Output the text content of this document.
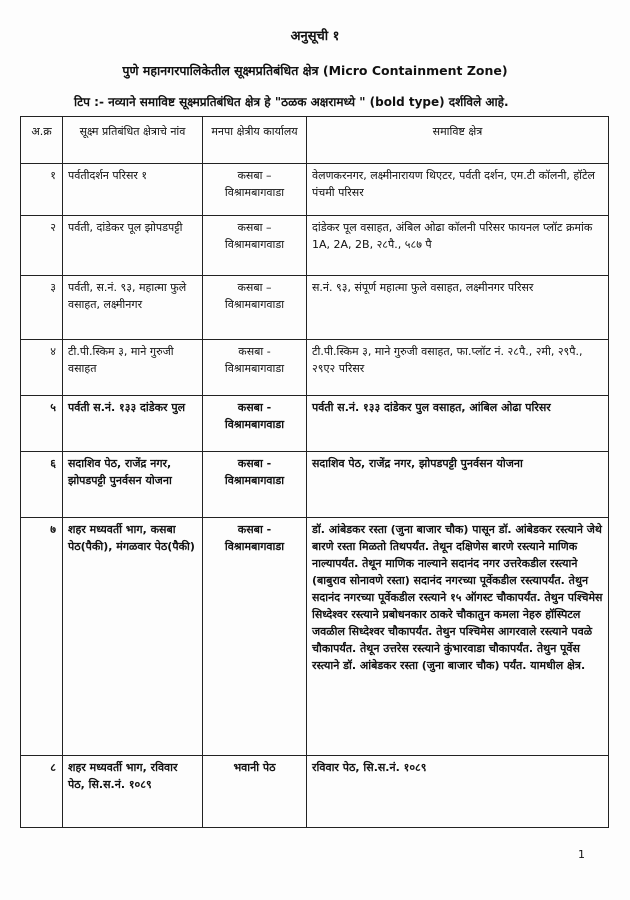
अनुसूची १
पुणे महानगरपालिकेतील सूक्ष्मप्रतिबंधित क्षेत्र (Micro Containment Zone)
टिप :- नव्याने समाविष्ट सूक्ष्मप्रतिबंधित क्षेत्र हे "ठळक अक्षरामध्ये " (bold type) दर्शविले आहे.
अ.क्र	सूक्ष्म प्रतिबंधित क्षेत्राचे नांव	मनपा क्षेत्रीय कार्यालय	समाविष्ट क्षेत्र
१	पर्वतीदर्शन परिसर १	कसबा – विश्रामबागवाडा	वेलणकरनगर, लक्ष्मीनारायण थिएटर, पर्वती दर्शन, एम.टी कॉलनी, हॉटेल पंचमी परिसर
२	पर्वती, दांडेकर पूल झोपडपट्टी	कसबा – विश्रामबागवाडा	दांडेकर पूल वसाहत, अंबिल ओढा कॉलनी परिसर फायनल प्लॉट क्रमांक 1A, 2A, 2B, २८पै., ५८७ पै
३	पर्वती, स.नं. ९३, महात्मा फुले वसाहत, लक्ष्मीनगर	कसबा – विश्रामबागवाडा	स.नं. ९३, संपूर्ण महात्मा फुले वसाहत, लक्ष्मीनगर परिसर
४	टी.पी.स्किम ३, माने गुरुजी वसाहत	कसबा - विश्रामबागवाडा	टी.पी.स्किम ३, माने गुरुजी वसाहत, फा.प्लॉट नं. २८पै., २मी, २९पै., २९ए२ परिसर
५	पर्वती स.नं. १३३ दांडेकर पुल	कसबा - विश्रामबागवाडा	पर्वती स.नं. १३३ दांडेकर पुल वसाहत, आंबिल ओढा परिसर
६	सदाशिव पेठ, राजेंद्र नगर, झोपडपट्टी पुनर्वसन योजना	कसबा - विश्रामबागवाडा	सदाशिव पेठ, राजेंद्र नगर, झोपडपट्टी पुनर्वसन योजना
७	शहर मध्यवर्ती भाग, कसबा पेठ(पैकी), मंगळवार पेठ(पैकी)	कसबा - विश्रामबागवाडा	डॉ. आंबेडकर रस्ता (जुना बाजार चौक) पासून डॉ. आंबेडकर रस्त्याने जेथे बारणे रस्ता मिळतो तिथपर्यंत. तेथून दक्षिणेस बारणे रस्त्याने माणिक नाल्यापर्यंत. तेथून माणिक नाल्याने सदानंद नगर उत्तरेकडील रस्त्याने (बाबुराव सोनावणे रस्ता) सदानंद नगरच्या पूर्वेकडील रस्त्यापर्यंत. तेथुन सदानंद नगरच्या पूर्वेकडील रस्त्याने १५ ऑगस्ट चौकापर्यंत. तेथुन पश्चिमेस सिध्देश्वर रस्त्याने प्रबोधनकार ठाकरे चौकातुन कमला नेहरु हॉस्पिटल जवळील सिध्देश्वर चौकापर्यंत. तेथुन पश्चिमेस आगरवाले रस्त्याने पवळे चौकापर्यंत. तेथून उत्तरेस रस्त्याने कुंभारवाडा चौकापर्यंत. तेथुन पूर्वेस रस्त्याने डॉ. आंबेडकर रस्ता (जुना बाजार चौक) पर्यंत. यामधील क्षेत्र.
८	शहर मध्यवर्ती भाग, रविवार पेठ, सि.स.नं. १०८९	भवानी पेठ	रविवार पेठ, सि.स.नं. १०८९
1
